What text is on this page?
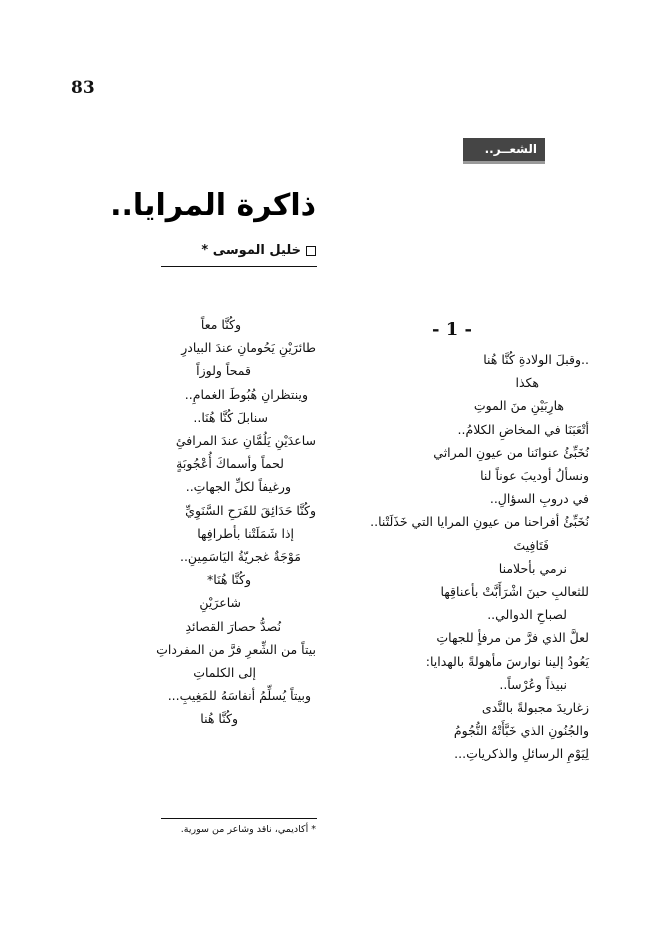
83
الشعــر..
ذاكرة المرايا..
خليل الموسى *
- 1 -
..وقبلَ الولادةِ كُنَّا هُنا
هكذا
هارِبَيْنِ منَ الموتِ
أتْعَبَنَا في المخاضِ الكلامُ..
نُخَبِّئُ عنوانَنا من عيونِ المراثي
ونسألُ أوديبَ عوناً لنا
في دروبِ السؤالِ..
نُخَبِّئُ أفراحنا من عيونِ المرايا التي خَذَلَتْنا..
فَتَافِيتَ
نرمي بأحلامنا
للثعالبِ حينَ اشْرَأَبَّتْ بأعناقِها
لصباحِ الدوالي..
لعلَّ الذي فرَّ من مرفأٍ للجهاتِ
يَعُودُ إلينا نوارسَ مأهولةً بالهدايا:
نبيذاً وعُرْساً..
زغاريدَ مجبولةً بالنَّدى
والجُنُونِ الذي خَبَّأَتْهُ النُّجُومُ
لِيَوْمِ الرسائلِ والذكرياتِ...
وكُنَّا معاً
طائرَيْنِ يَحُومانِ عندَ البيادرِ
قمحاً ولوزاً
وينتظرانِ هُبُوطَ الغمامِ..
سنابلَ كُنَّا هُنَا..
ساعدَيْنِ يَلُمَّانِ عندَ المرافئِ
لحماً وأسماكَ أُعْجُوبَةٍ
ورغيفاً لكلِّ الجهاتِ..
وكُنَّا حَدَائِقَ للفَرَحِ السَّنَوِيِّ
إذا شَمَلَتْنا بأطرافِها
مَوْجَةٌ غجريّةُ اليَاسَمِينِ..
وكُنَّا هُنَا*
شاعرَيْنِ
نُصدُّ حصارَ القصائدِ
بيتاً من الشِّعرِ فرَّ من المفرداتِ
إلى الكلماتِ
وبيتاً يُسلِّمُ أنفاسَهُ للمَغِيبِ...
وكُنَّا هُنا
* أكاديمي، ناقد وشاعر من سورية.
